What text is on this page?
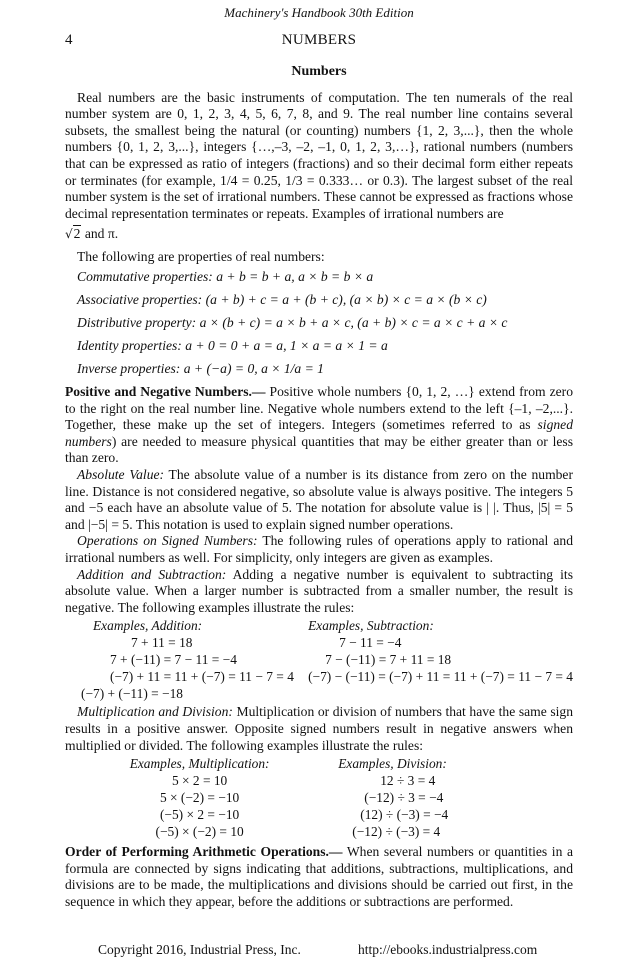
Machinery's Handbook 30th Edition
4	NUMBERS
Numbers

Real numbers are the basic instruments of computation. The ten numerals of the real number system are 0, 1, 2, 3, 4, 5, 6, 7, 8, and 9. The real number line contains several subsets, the smallest being the natural (or counting) numbers {1, 2, 3,...}, then the whole numbers {0, 1, 2, 3,...}, integers {…,–3, –2, –1, 0, 1, 2, 3,…}, rational numbers (numbers that can be expressed as ratio of integers (fractions) and so their decimal form either repeats or terminates (for example, 1/4 = 0.25, 1/3 = 0.333… or 0.3). The largest subset of the real number system is the set of irrational numbers. These cannot be expressed as fractions whose decimal representation terminates or repeats. Examples of irrational numbers are

√2 and π.

The following are properties of real numbers:

Commutative properties: a + b = b + a, a × b = b × a
Associative properties: (a + b) + c = a + (b + c), (a × b) × c = a × (b × c)
Distributive property: a × (b + c) = a × b + a × c, (a + b) × c = a × c + a × c
Identity properties: a + 0 = 0 + a = a, 1 × a = a × 1 = a
Inverse properties: a + (−a) = 0, a × 1/a = 1

Positive and Negative Numbers.— Positive whole numbers {0, 1, 2, …} extend from zero to the right on the real number line. Negative whole numbers extend to the left {–1, –2,...}. Together, these make up the set of integers. Integers (sometimes referred to as signed numbers) are needed to measure physical quantities that may be either greater than or less than zero.

Absolute Value: The absolute value of a number is its distance from zero on the number line. Distance is not considered negative, so absolute value is always positive. The integers 5 and −5 each have an absolute value of 5. The notation for absolute value is | |. Thus, |5| = 5 and |−5| = 5. This notation is used to explain signed number operations.

Operations on Signed Numbers: The following rules of operations apply to rational and irrational numbers as well. For simplicity, only integers are given as examples.

Addition and Subtraction: Adding a negative number is equivalent to subtracting its absolute value. When a larger number is subtracted from a smaller number, the result is negative. The following examples illustrate the rules:

Examples, Addition:	Examples, Subtraction:
7 + 11 = 18	7 − 11 = −4
7 + (−11) = 7 − 11 = −4	7 − (−11) = 7 + 11 = 18
(−7) + 11 = 11 + (−7) = 11 − 7 = 4	(−7) − (−11) = (−7) + 11 = 11 + (−7) = 11 − 7 = 4
(−7) + (−11) = −18	

Multiplication and Division: Multiplication or division of numbers that have the same sign results in a positive answer. Opposite signed numbers result in negative answers when multiplied or divided. The following examples illustrate the rules:

Examples, Multiplication:	Examples, Division:
5 × 2 = 10	12 ÷ 3 = 4
5 × (−2) = −10	(−12) ÷ 3 = −4
(−5) × 2 = −10	(12) ÷ (−3) = −4
(−5) × (−2) = 10	(−12) ÷ (−3) = 4

Order of Performing Arithmetic Operations.— When several numbers or quantities in a formula are connected by signs indicating that additions, subtractions, multiplications, and divisions are to be made, the multiplications and divisions should be carried out first, in the sequence in which they appear, before the additions or subtractions are performed.

Copyright 2016, Industrial Press, Inc.	http://ebooks.industrialpress.com
